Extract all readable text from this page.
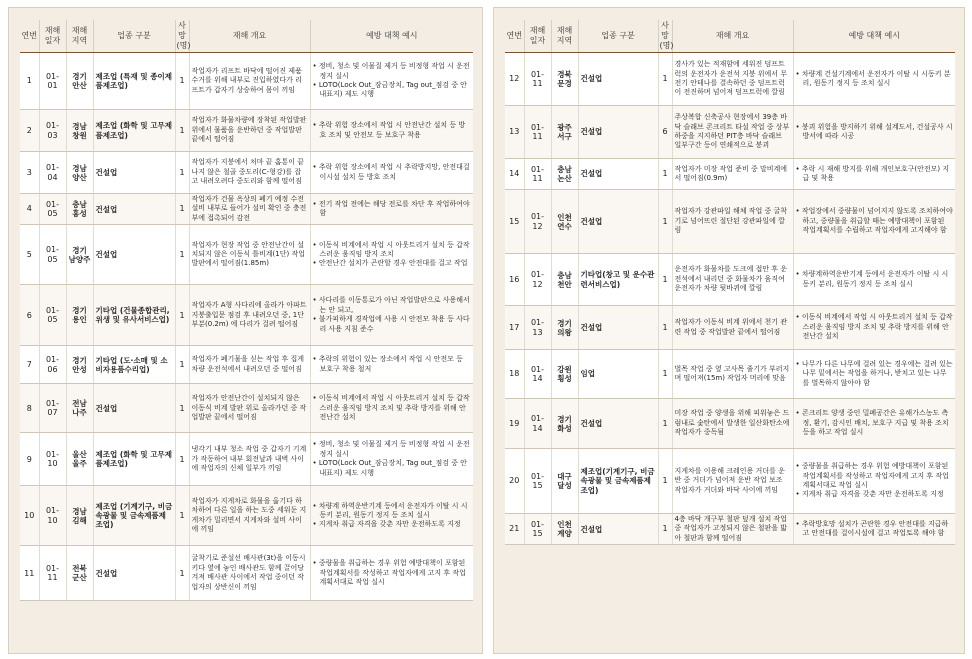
연번	재해 일자	재해 지역	업종 구분	사망 (명)	재해 개요	예방 대책 예시
1	01-01	경기 안산	제조업 (특재 및 종이제품제조업)	1	작업자가 리프트 바닥에 떨어진 제품 수거를 위해 내부로 진입하였다가 리프트가 갑자기 상승하여 몸이 끼임	• 정비, 청소 및 이물질 제거 등 비정형 작업 시 운전 정지 실시
• LOTO(Lock Out_잠금장치, Tag out_점검 중 안내표지) 제도 시행

2	01-03	경남 창원	제조업 (화학 및 고무제품제조업)	1	작업자가 화물차량에 장착된 작업발판 위에서 물품을 운반하던 중 작업발판 끝에서 떨어짐	• 추락 위험 장소에서 작업 시 안전난간 설치 등 방호 조치 및 안전모 등 보호구 착용

3	01-04	경남 양산	건설업	1	작업자가 지붕에서 처마 끝 홈통이 끝나지 않은 철골 중도리(C-형강)를 잡고 내려오려다 중도리와 함께 떨어짐	• 추락 위험 장소에서 작업 시 추락방지망, 안전대걸이시설 설치 등 방호 조치

4	01-05	충남 홍성	건설업	1	작업자가 건물 옥상의 폐기 예정 수전설비 내부로 들어가 설비 확인 중 충전부에 접촉되어 감전	• 전기 작업 전에는 해당 전로를 차단 후 작업하여야 함

5	01-05	경기 남양주	건설업	1	작업자가 현장 작업 중 안전난간이 설치되지 않은 이동식 틀비계(1단) 작업발판에서 떨어짐(1.85m)	• 이동식 비계에서 작업 시 아웃트리거 설치 등 갑작스러운 움직임 방지 조치
• 안전난간 설치가 곤란할 경우 안전대를 걸고 작업

6	01-05	경기 용인	기타업 (건물종합관리, 위생 및 유사서비스업)	1	작업자가 A형 사다리에 올라가 아파트 지붕출입문 점검 후 내려오던 중, 1단 부분(0.2m) 에 다리가 걸려 떨어짐	• 사다리를 이동통로가 아닌 작업발판으로 사용해서는 안 되고,
• 불가피하게 경작업에 사용 시 안전모 착용 등 사다리 사용 지침 준수

7	01-06	경기 안성	기타업 (도·소매 및 소비자용품수리업)	1	작업자가 폐기물을 싣는 작업 후 집게차량 운전석에서 내려오던 중 떨어짐	• 추락의 위험이 있는 장소에서 작업 시 안전모 등 보호구 착용 철저

8	01-07	전남 나주	건설업	1	작업자가 안전난간이 설치되지 않은 이동식 비계 발판 위로 올라가던 중 작업발판 끝에서 떨어짐	• 이동식 비계에서 작업 시 아웃트리거 설치 등 갑작스러운 움직임 방지 조치 및 추락 방지를 위해 안전난간 설치

9	01-10	울산 울주	제조업 (화학 및 고무제품제조업)	1	냉각기 내부 청소 작업 중 갑자기 기계가 작동하여 내부 회전날과 내벽 사이에 작업자의 신체 일부가 끼임	• 정비, 청소 및 이물질 제거 등 비정형 작업 시 운전 정지 실시
• LOTO(Lock Out_잠금장치, Tag out_점검 중 안내표지) 제도 시행

10	01-10	경남 김해	제조업 (기계기구, 비금속광물 및 금속제품제조업)	1	작업자가 지게차로 화물을 옮기다 하차하여 다른 일을 하는 도중 세워둔 지게차가 밀리면서 지게차와 설비 사이에 끼임	• 차량계 하역운반기계 등에서 운전자가 이탈 시 시동키 분리, 원동기 정지 등 조치 실시
• 지게차 취급 자격을 갖춘 자만 운전하도록 지정

11	01-11	전북 군산	건설업	1	굴착기로 준설선 배사관(3t)을 이동시키다 옆에 놓인 배사관도 함께 끌어당겨져 배사관 사이에서 작업 중이던 작업자의 상반신이 끼임	• 중량물을 취급하는 경우 위험 예방대책이 포함된 작업계획서를 작성하고 작업자에게 고지 후 작업계획서대로 작업 실시
연번	재해 일자	재해 지역	업종 구분	사망 (명)	재해 개요	예방 대책 예시
12	01-11	경북 문경	건설업	1	경사가 있는 적재함에 세워진 덤프트럭의 운전자가 운전석 지붕 위에서 무전기 안테나를 결속하던 중 덤프트럭이 전진하며 넘어져 덤프트럭에 깔림	• 차량계 건설기계에서 운전자가 이탈 시 시동키 분리, 원동기 정지 등 조치 실시

13	01-11	광주 서구	건설업	6	주상복합 신축공사 현장에서 39층 바닥 슬래브 콘크리트 타설 작업 중 상부 하중을 지지하던 PIT층 바닥 슬래브 일부구간 등이 연쇄적으로 붕괴	• 붕괴 위험을 방지하기 위해 설계도서, 건설공사 시방서에 따라 시공

14	01-11	충남 논산	건설업	1	작업자가 미장 작업 준비 중 말비계에서 떨어짐(0.9m)	• 추락 시 재해 방지를 위해 개인보호구(안전모) 지급 및 착용

15	01-12	인천 연수	건설업	1	작업자가 강관파일 해체 작업 중 굴착기로 넘어뜨린 절단된 강관파일에 깔림	• 작업장에서 중량물이 넘어지지 않도록 조치하여야 하고, 중량물을 취급할 때는 예방대책이 포함된 작업계획서를 수립하고 작업자에게 고지해야 함

16	01-12	충남 천안	기타업(창고 및 운수관련서비스업)	1	운전자가 화물차를 도크에 접안 후 운전석에서 내리던 중 화물차가 움직여 운전자가 차량 뒷바퀴에 깔림	• 차량계하역운반기계 등에서 운전자가 이탈 시 시동키 분리, 원동기 정지 등 조치 실시

17	01-13	경기 의왕	건설업	1	작업자가 이동식 비계 위에서 천기 관련 작업 중 작업발판 끝에서 떨어짐	• 이동식 비계에서 작업 시 아웃트리거 설치 등 갑작스러운 움직임 방지 조치 및 추락 방지를 위해 안전난간 설치

18	01-14	강원 횡성	임업	1	벌목 작업 중 옆 고사목 줄기가 부러지며 떨어져(15m) 작업자 머리에 맞음	• 나무가 다른 나무에 걸려 있는 경우에는 걸려 있는 나무 밑에서는 작업을 하거나, 받치고 있는 나무를 벌목하지 않아야 함

19	01-14	경기 화성	건설업	1	미장 작업 중 양생을 위해 피워놓은 드럼내로 숯탄에서 발생한 일산화탄소에 작업자가 중독됨	• 콘크리트 양생 중인 밀폐공간은 유해가스농도 측정, 환기, 감시인 배치, 보호구 지급 및 착용 조치 등을 하고 작업 실시

20	01-15	대구 달성	제조업(기계기구, 비금속광물 및 금속제품제조업)	1	지게차를 이용해 크레인용 거더를 운반 중 거더가 넘어져 운반 작업 보조 작업자가 거더와 바닥 사이에 끼임	• 중량물을 취급하는 경우 위험 예방대책이 포함된 작업계획서를 작성하고 작업자에게 고지 후 작업계획서대로 작업 실시
• 지게차 취급 자격을 갖춘 자만 운전하도록 지정

21	01-15	인천 계양	건설업	1	4층 바닥 개구부 철판 덮개 설치 작업 중 작업자가 고정되지 않은 철판을 밟아 철판과 함께 떨어짐	• 추락방호망 설치가 곤란한 경우 안전대를 지급하고 안전대를 걸이시설에 걸고 작업토록 해야 함
